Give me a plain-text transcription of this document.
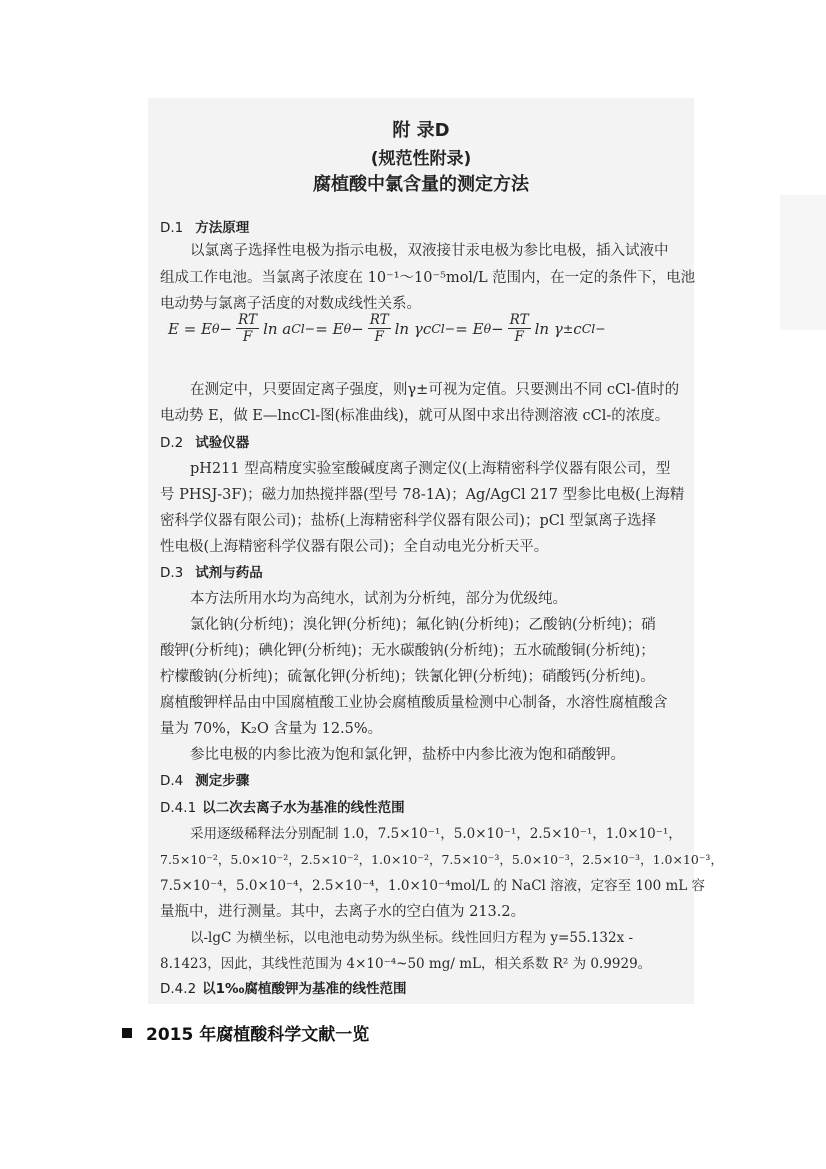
附 录D
(规范性附录)
腐植酸中氯含量的测定方法
D.1 方法原理
以氯离子选择性电极为指示电极，双液接甘汞电极为参比电极，插入试液中
组成工作电池。当氯离子浓度在 10⁻¹～10⁻⁵mol/L 范围内，在一定的条件下，电池
电动势与氯离子活度的对数成线性关系。
E = E $\theta - \frac{RT}{F}$ ln a Cl− = E $\theta - \frac{RT}{F}$ ln γc Cl− = E $\theta - \frac{RT}{F}$ ln γ ± c Cl−
在测定中，只要固定离子强度，则γ±可视为定值。只要测出不同 cCl-值时的
电动势 E，做 E—lncCl-图(标准曲线)，就可从图中求出待测溶液 cCl-的浓度。
D.2 试验仪器
pH211 型高精度实验室酸碱度离子测定仪(上海精密科学仪器有限公司，型
号 PHSJ-3F)；磁力加热搅拌器(型号 78-1A)；Ag/AgCl 217 型参比电极(上海精
密科学仪器有限公司)；盐桥(上海精密科学仪器有限公司)；pCl 型氯离子选择
性电极(上海精密科学仪器有限公司)；全自动电光分析天平。
D.3 试剂与药品
本方法所用水均为高纯水，试剂为分析纯，部分为优级纯。
氯化钠(分析纯)；溴化钾(分析纯)；氟化钠(分析纯)；乙酸钠(分析纯)；硝
酸钾(分析纯)；碘化钾(分析纯)；无水碳酸钠(分析纯)；五水硫酸铜(分析纯)；
柠檬酸钠(分析纯)；硫氰化钾(分析纯)；铁氰化钾(分析纯)；硝酸钙(分析纯)。
腐植酸钾样品由中国腐植酸工业协会腐植酸质量检测中心制备，水溶性腐植酸含
量为 70%，K₂O 含量为 12.5%。
参比电极的内参比液为饱和氯化钾，盐桥中内参比液为饱和硝酸钾。
D.4 测定步骤
D.4.1 以二次去离子水为基准的线性范围
采用逐级稀释法分别配制 1.0，7.5×10⁻¹，5.0×10⁻¹，2.5×10⁻¹，1.0×10⁻¹，
7.5×10⁻²，5.0×10⁻²，2.5×10⁻²，1.0×10⁻²，7.5×10⁻³，5.0×10⁻³，2.5×10⁻³，1.0×10⁻³，
7.5×10⁻⁴，5.0×10⁻⁴，2.5×10⁻⁴，1.0×10⁻⁴mol/L 的 NaCl 溶液，定容至 100 mL 容
量瓶中，进行测量。其中，去离子水的空白值为 213.2。
以-lgC 为横坐标，以电池电动势为纵坐标。线性回归方程为 y=55.132x -
8.1423，因此，其线性范围为 4×10⁻⁴~50 mg/ mL，相关系数 R² 为 0.9929。
D.4.2 以1‰腐植酸钾为基准的线性范围
2015 年腐植酸科学文献一览
